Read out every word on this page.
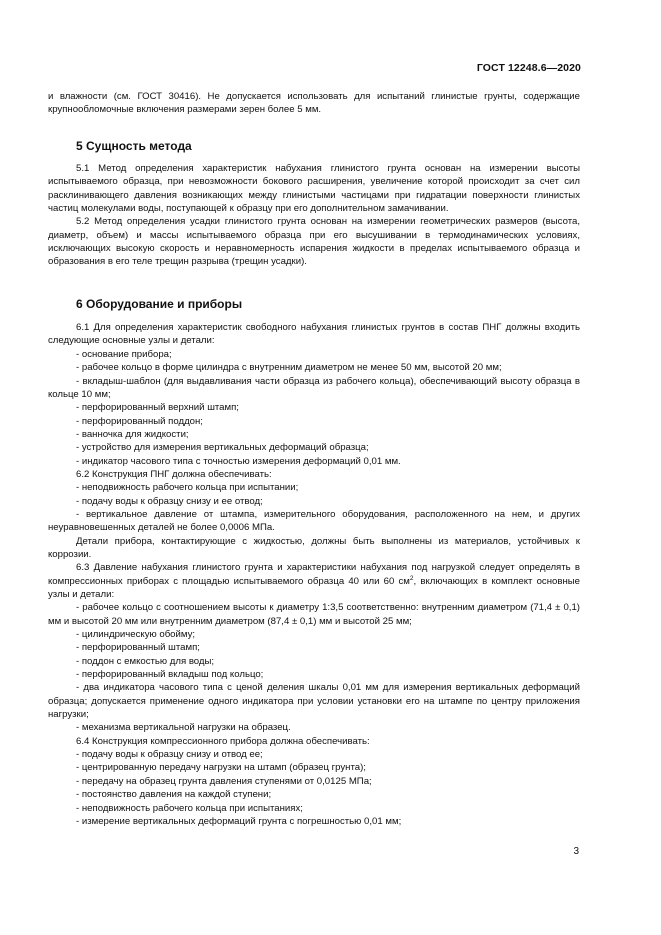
ГОСТ 12248.6—2020

и влажности (см. ГОСТ 30416). Не допускается использовать для испытаний глинистые грунты, содержащие крупнообломочные включения размерами зерен более 5 мм.

5 Сущность метода

5.1 Метод определения характеристик набухания глинистого грунта основан на измерении высоты испытываемого образца, при невозможности бокового расширения, увеличение которой происходит за счет сил расклинивающего давления возникающих между глинистыми частицами при гидратации поверхности глинистых частиц молекулами воды, поступающей к образцу при его дополнительном замачивании.

5.2 Метод определения усадки глинистого грунта основан на измерении геометрических размеров (высота, диаметр, объем) и массы испытываемого образца при его высушивании в термодинамических условиях, исключающих высокую скорость и неравномерность испарения жидкости в пределах испытываемого образца и образования в его теле трещин разрыва (трещин усадки).

6 Оборудование и приборы

6.1 Для определения характеристик свободного набухания глинистых грунтов в состав ПНГ должны входить следующие основные узлы и детали:

- основание прибора;

- рабочее кольцо в форме цилиндра с внутренним диаметром не менее 50 мм, высотой 20 мм;

- вкладыш-шаблон (для выдавливания части образца из рабочего кольца), обеспечивающий высоту образца в кольце 10 мм;

- перфорированный верхний штамп;

- перфорированный поддон;

- ванночка для жидкости;

- устройство для измерения вертикальных деформаций образца;

- индикатор часового типа с точностью измерения деформаций 0,01 мм.

6.2 Конструкция ПНГ должна обеспечивать:

- неподвижность рабочего кольца при испытании;

- подачу воды к образцу снизу и ее отвод;

- вертикальное давление от штампа, измерительного оборудования, расположенного на нем, и других неуравновешенных деталей не более 0,0006 МПа.

Детали прибора, контактирующие с жидкостью, должны быть выполнены из материалов, устойчивых к коррозии.

6.3 Давление набухания глинистого грунта и характеристики набухания под нагрузкой следует определять в компрессионных приборах с площадью испытываемого образца 40 или 60 $см^2$, включающих в комплект основные узлы и детали:

- рабочее кольцо с соотношением высоты к диаметру 1:3,5 соответственно: внутренним диаметром (71,4 ± 0,1) мм и высотой 20 мм или внутренним диаметром (87,4 ± 0,1) мм и высотой 25 мм;

- цилиндрическую обойму;

- перфорированный штамп;

- поддон с емкостью для воды;

- перфорированный вкладыш под кольцо;

- два индикатора часового типа с ценой деления шкалы 0,01 мм для измерения вертикальных деформаций образца; допускается применение одного индикатора при условии установки его на штампе по центру приложения нагрузки;

- механизма вертикальной нагрузки на образец.

6.4 Конструкция компрессионного прибора должна обеспечивать:

- подачу воды к образцу снизу и отвод ее;

- центрированную передачу нагрузки на штамп (образец грунта);

- передачу на образец грунта давления ступенями от 0,0125 МПа;

- постоянство давления на каждой ступени;

- неподвижность рабочего кольца при испытаниях;

- измерение вертикальных деформаций грунта с погрешностью 0,01 мм;

3
